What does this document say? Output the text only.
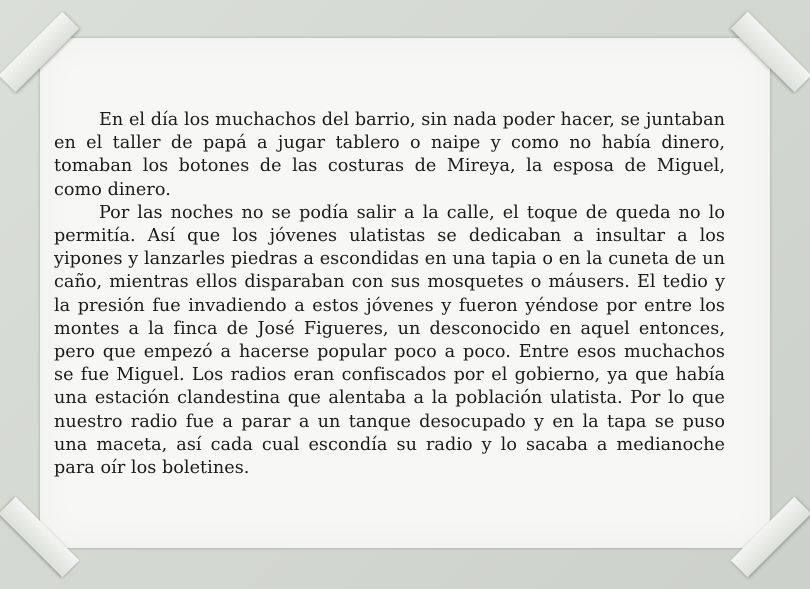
En el día los muchachos del barrio, sin nada poder hacer, se juntaban en el taller de papá a jugar tablero o naipe y como no había dinero, tomaban los botones de las costuras de Mireya, la esposa de Miguel, como dinero.

Por las noches no se podía salir a la calle, el toque de queda no lo permitía. Así que los jóvenes ulatistas se dedicaban a insultar a los yipones y lanzarles piedras a escondidas en una tapia o en la cuneta de un caño, mientras ellos disparaban con sus mosquetes o máusers. El tedio y la presión fue invadiendo a estos jóvenes y fueron yéndose por entre los montes a la finca de José Figueres, un desconocido en aquel entonces, pero que empezó a hacerse popular poco a poco. Entre esos muchachos se fue Miguel. Los radios eran confiscados por el gobierno, ya que había una estación clandestina que alentaba a la población ulatista. Por lo que nuestro radio fue a parar a un tanque desocupado y en la tapa se puso una maceta, así cada cual escondía su radio y lo sacaba a medianoche para oír los boletines.
